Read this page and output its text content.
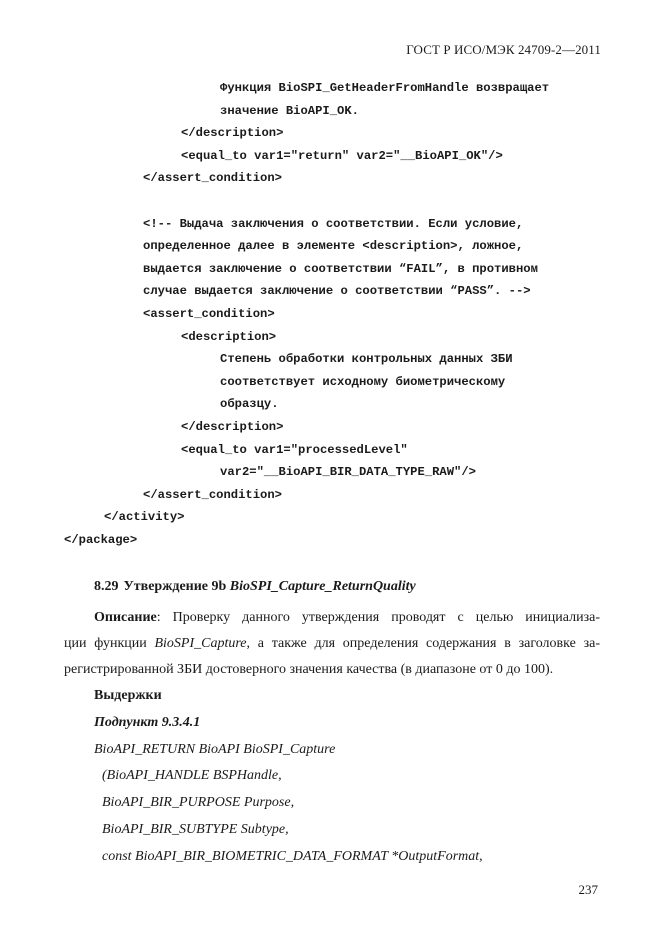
ГОСТ Р ИСО/МЭК 24709-2—2011
Функция BioSPI_GetHeaderFromHandle возвращает
значение BioAPI_OK.
</description>
<equal_to var1="return" var2="__BioAPI_OK"/>
</assert_condition>
<!-- Выдача заключения о соответствии. Если условие,
определенное далее в элементе <description>, ложное,
выдается заключение о соответствии “FAIL”, в противном
случае выдается заключение о соответствии “PASS”. -->
<assert_condition>
<description>
Степень обработки контрольных данных ЗБИ
соответствует исходному биометрическому
образцу.
</description>
<equal_to var1="processedLevel"
var2="__BioAPI_BIR_DATA_TYPE_RAW"/>
</assert_condition>
</activity>
</package>
8.29 Утверждение 9b BioSPI_Capture_ReturnQuality
Описание: Проверку данного утверждения проводят с целью инициализа-
ции функции BioSPI_Capture, а также для определения содержания в заголовке за-
регистрированной ЗБИ достоверного значения качества (в диапазоне от 0 до 100).
Выдержки
Подпункт 9.3.4.1
BioAPI_RETURN BioAPI BioSPI_Capture
(BioAPI_HANDLE BSPHandle,
BioAPI_BIR_PURPOSE Purpose,
BioAPI_BIR_SUBTYPE Subtype,
const BioAPI_BIR_BIOMETRIC_DATA_FORMAT *OutputFormat,
237
